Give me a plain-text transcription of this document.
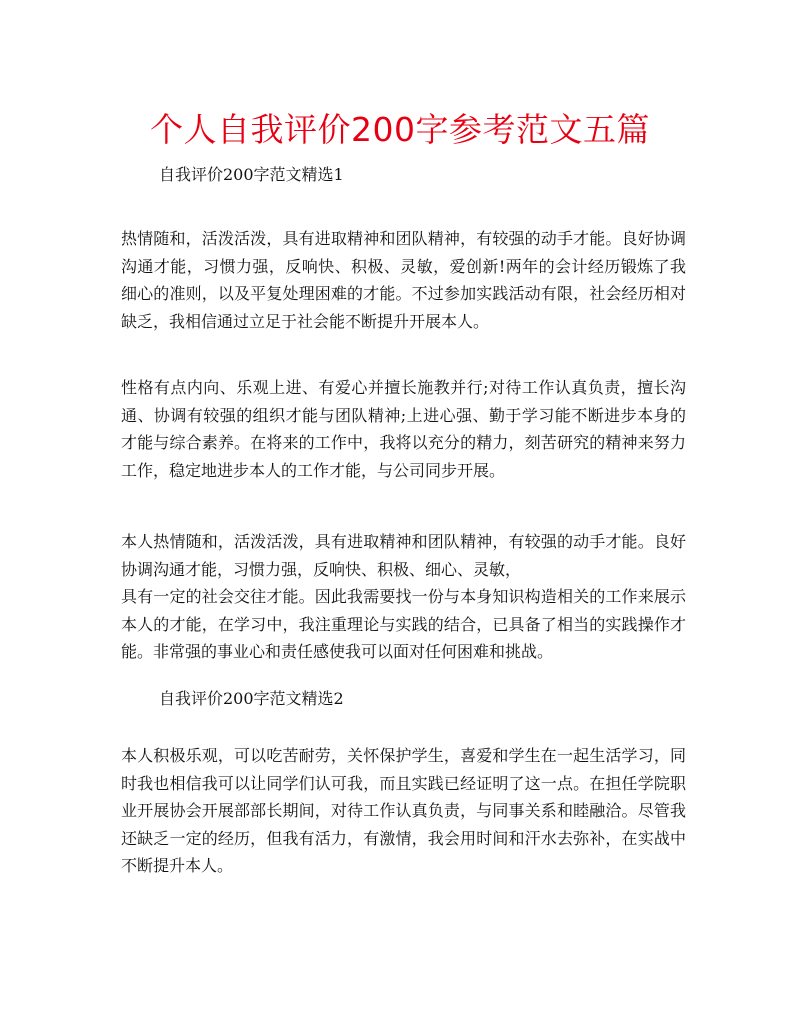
个人自我评价200字参考范文五篇

自我评价200字范文精选1

热情随和，活泼活泼，具有进取精神和团队精神，有较强的动手才能。良好协调
沟通才能，习惯力强，反响快、积极、灵敏，爱创新!两年的会计经历锻炼了我
细心的准则，以及平复处理困难的才能。不过参加实践活动有限，社会经历相对
缺乏，我相信通过立足于社会能不断提升开展本人。
性格有点内向、乐观上进、有爱心并擅长施教并行;对待工作认真负责，擅长沟
通、协调有较强的组织才能与团队精神;上进心强、勤于学习能不断进步本身的
才能与综合素养。在将来的工作中，我将以充分的精力，刻苦研究的精神来努力
工作，稳定地进步本人的工作才能，与公司同步开展。
本人热情随和，活泼活泼，具有进取精神和团队精神，有较强的动手才能。良好
协调沟通才能，习惯力强，反响快、积极、细心、灵敏，
具有一定的社会交往才能。因此我需要找一份与本身知识构造相关的工作来展示
本人的才能，在学习中，我注重理论与实践的结合，已具备了相当的实践操作才
能。非常强的事业心和责任感使我可以面对任何困难和挑战。

自我评价200字范文精选2

本人积极乐观，可以吃苦耐劳，关怀保护学生，喜爱和学生在一起生活学习，同
时我也相信我可以让同学们认可我，而且实践已经证明了这一点。在担任学院职
业开展协会开展部部长期间，对待工作认真负责，与同事关系和睦融洽。尽管我
还缺乏一定的经历，但我有活力，有激情，我会用时间和汗水去弥补，在实战中
不断提升本人。
